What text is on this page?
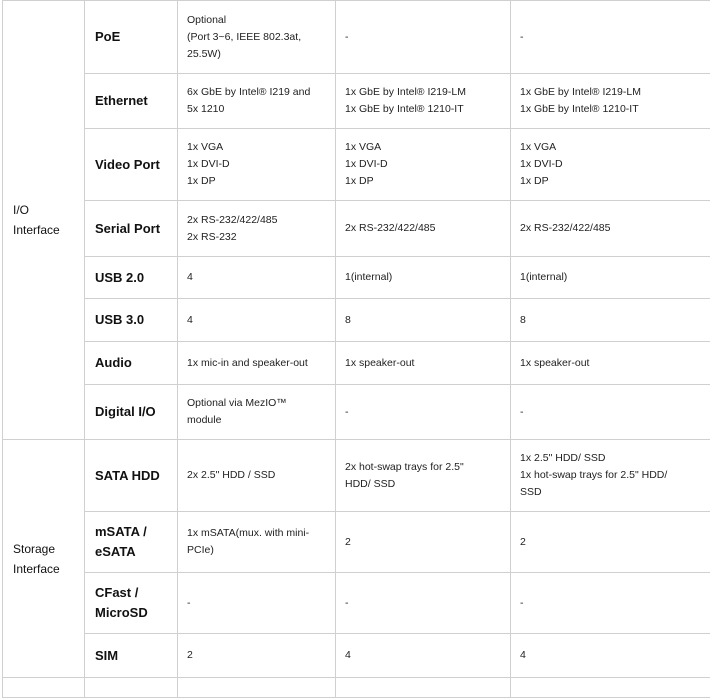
I/O
Interface	PoE	Optional
(Port 3~6, IEEE 802.3at,
25.5W)	-	-

	Ethernet	6x GbE by Intel® I219 and
5x 1210	1x GbE by Intel® I219-LM
1x GbE by Intel® 1210-IT	1x GbE by Intel® I219-LM
1x GbE by Intel® 1210-IT

	Video Port	1x VGA
1x DVI-D
1x DP	1x VGA
1x DVI-D
1x DP	1x VGA
1x DVI-D
1x DP

	Serial Port	2x RS-232/422/485
2x RS-232	2x RS-232/422/485	2x RS-232/422/485

	USB 2.0	4	1(internal)	1(internal)

	USB 3.0	4	8	8

	Audio	1x mic-in and speaker-out	1x speaker-out	1x speaker-out

	Digital I/O	Optional via MezIO™
module	-	-

Storage
Interface	SATA HDD	2x 2.5" HDD / SSD	2x hot-swap trays for 2.5"
HDD/ SSD	1x 2.5" HDD/ SSD
1x hot-swap trays for 2.5" HDD/
SSD

	mSATA /
eSATA	1x mSATA(mux. with mini-
PCIe)	2	2

	CFast /
MicroSD	-	-	-

	SIM	2	4	4
